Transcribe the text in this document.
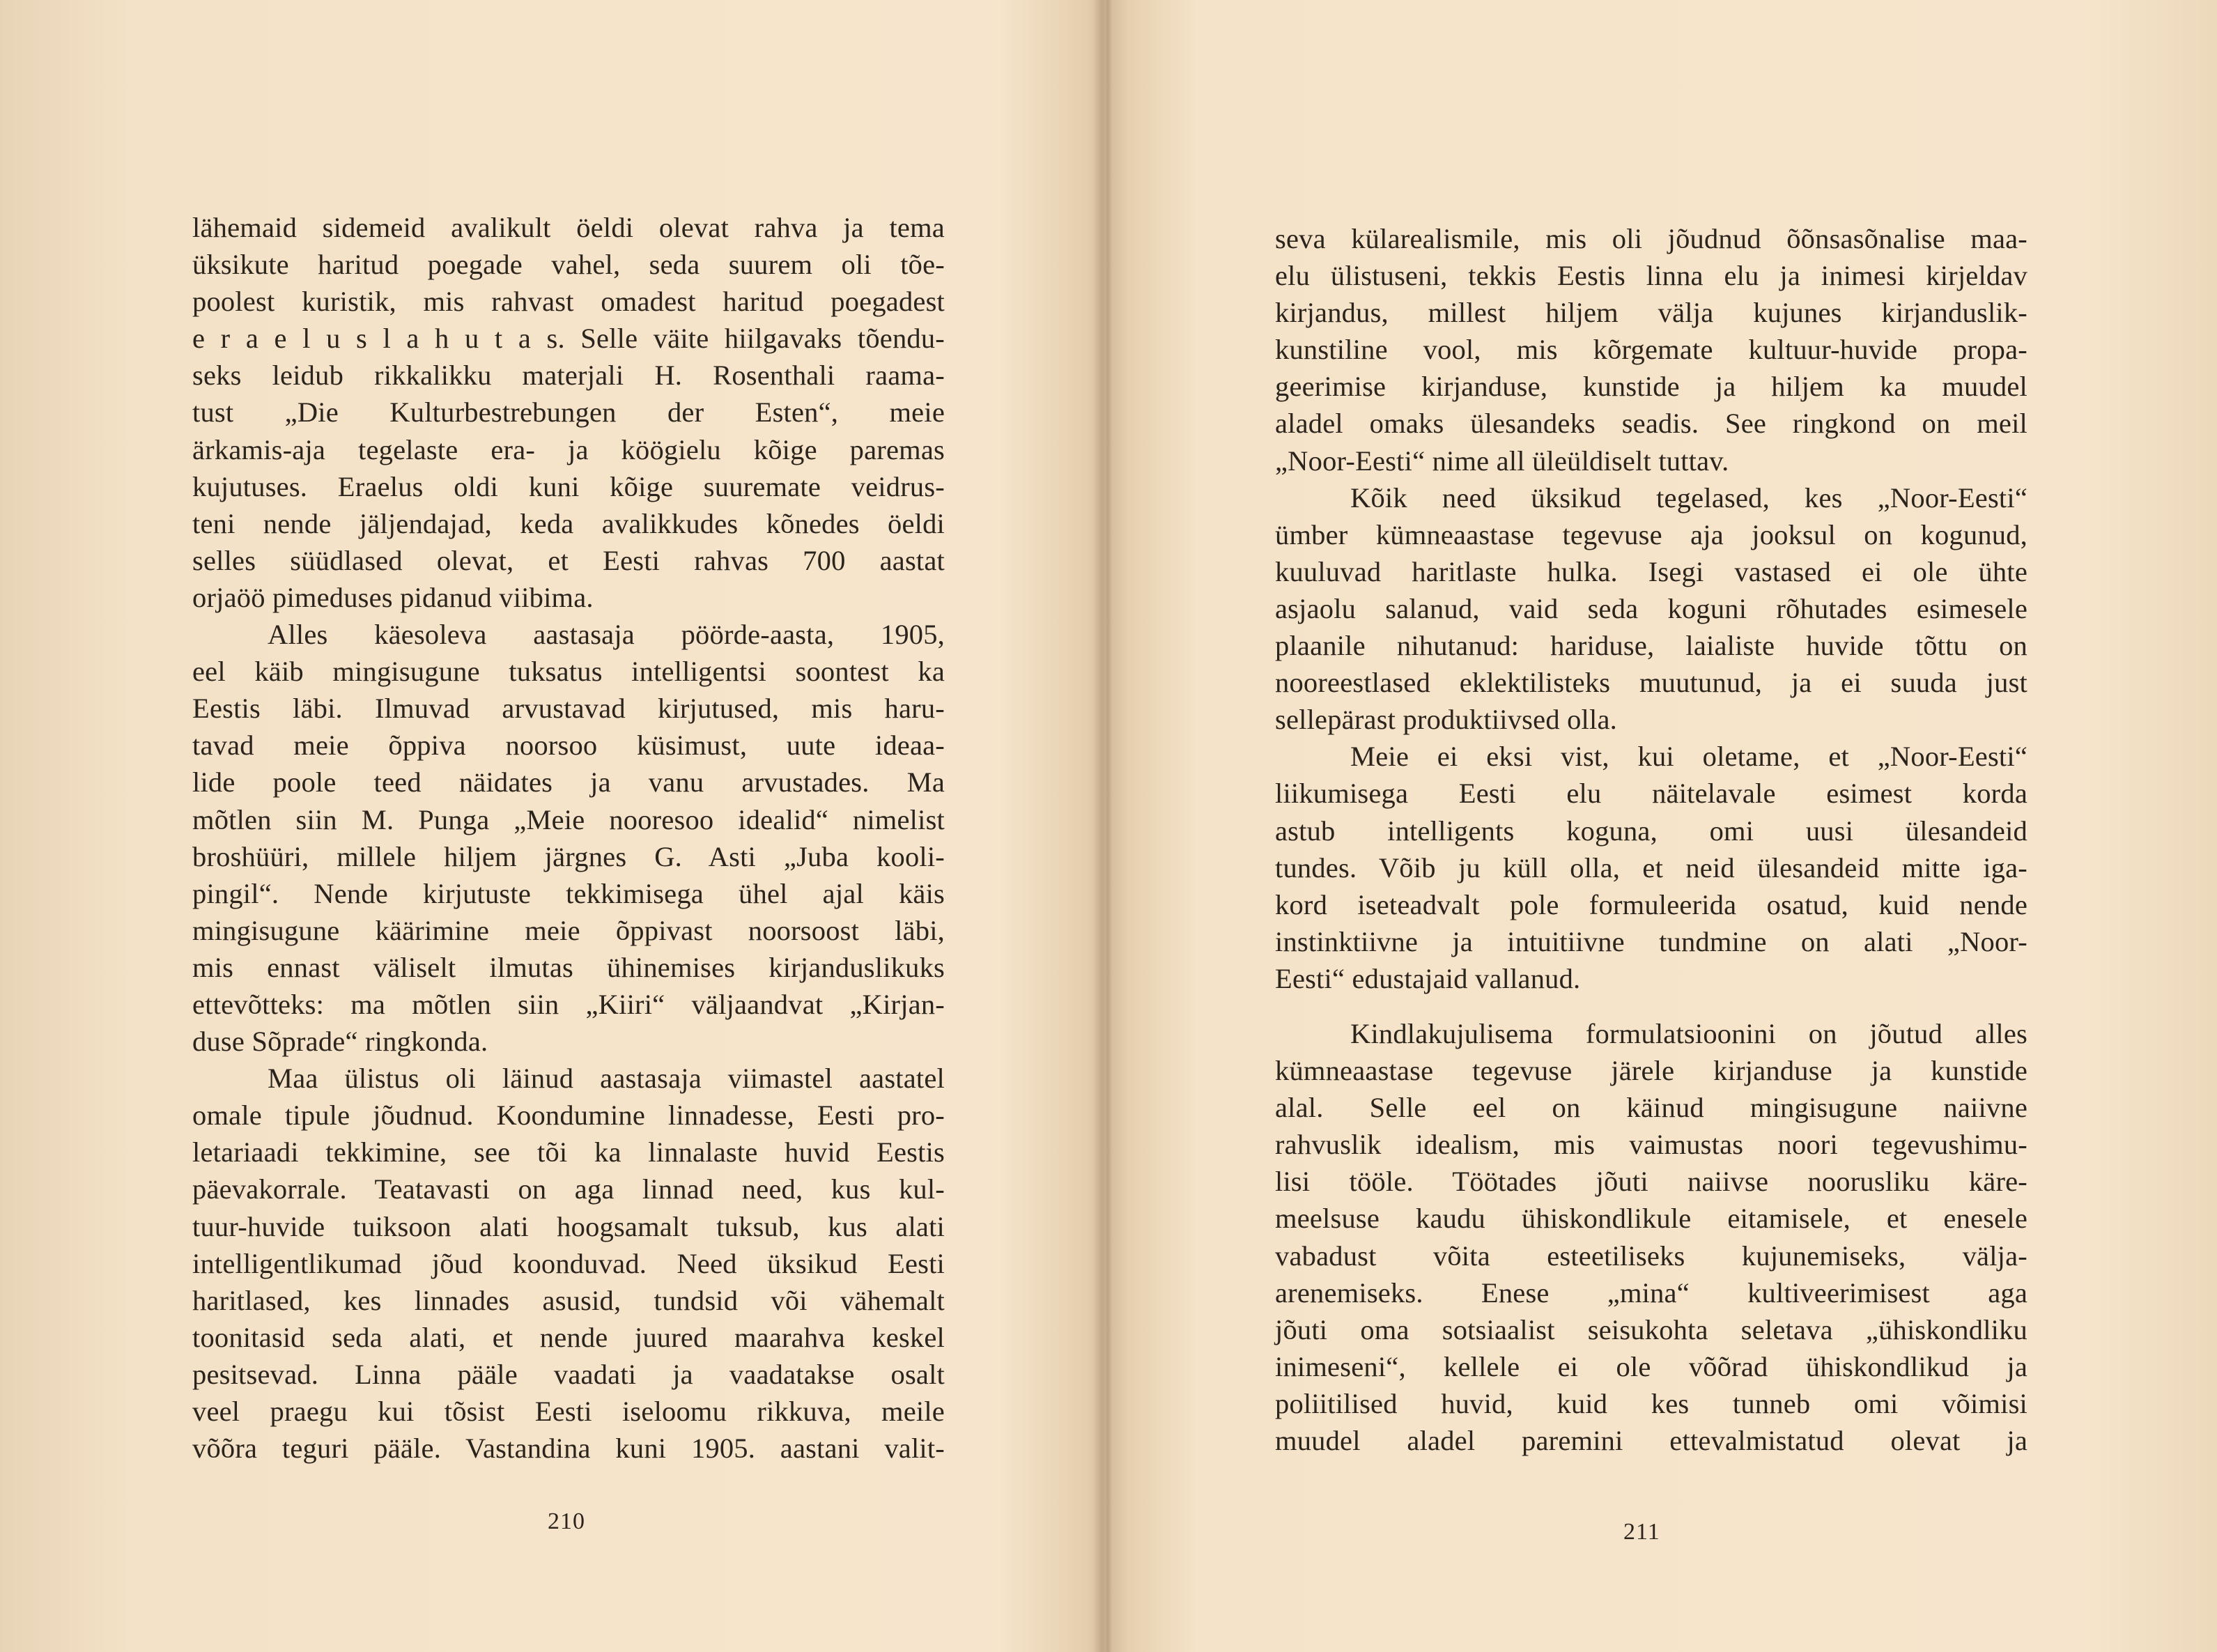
lähemaid sidemeid avalikult öeldi olevat rahva ja tema
üksikute haritud poegade vahel, seda suurem oli tõe-
poolest kuristik, mis rahvast omadest haritud poegadest
e r a e l u s l a h u t a s. Selle väite hiilgavaks tõendu-
seks leidub rikkalikku materjali H. Rosenthali raama-
tust „Die Kulturbestrebungen der Esten“, meie
ärkamis-aja tegelaste era- ja köögielu kõige paremas
kujutuses. Eraelus oldi kuni kõige suuremate veidrus-
teni nende jäljendajad, keda avalikkudes kõnedes öeldi
selles süüdlased olevat, et Eesti rahvas 700 aastat
orjaöö pimeduses pidanud viibima.
Alles käesoleva aastasaja pöörde-aasta, 1905,
eel käib mingisugune tuksatus intelligentsi soontest ka
Eestis läbi. Ilmuvad arvustavad kirjutused, mis haru-
tavad meie õppiva noorsoo küsimust, uute ideaa-
lide poole teed näidates ja vanu arvustades. Ma
mõtlen siin M. Punga „Meie nooresoo idealid“ nimelist
broshüüri, millele hiljem järgnes G. Asti „Juba kooli-
pingil“. Nende kirjutuste tekkimisega ühel ajal käis
mingisugune käärimine meie õppivast noorsoost läbi,
mis ennast väliselt ilmutas ühinemises kirjanduslikuks
ettevõtteks: ma mõtlen siin „Kiiri“ väljaandvat „Kirjan-
duse Sõprade“ ringkonda.
Maa ülistus oli läinud aastasaja viimastel aastatel
omale tipule jõudnud. Koondumine linnadesse, Eesti pro-
letariaadi tekkimine, see tõi ka linnalaste huvid Eestis
päevakorrale. Teatavasti on aga linnad need, kus kul-
tuur-huvide tuiksoon alati hoogsamalt tuksub, kus alati
intelligentlikumad jõud koonduvad. Need üksikud Eesti
haritlased, kes linnades asusid, tundsid või vähemalt
toonitasid seda alati, et nende juured maarahva keskel
pesitsevad. Linna pääle vaadati ja vaadatakse osalt
veel praegu kui tõsist Eesti iseloomu rikkuva, meile
võõra teguri pääle. Vastandina kuni 1905. aastani valit-
210
seva külarealismile, mis oli jõudnud õõnsasõnalise maa-
elu ülistuseni, tekkis Eestis linna elu ja inimesi kirjeldav
kirjandus, millest hiljem välja kujunes kirjanduslik-
kunstiline vool, mis kõrgemate kultuur-huvide propa-
geerimise kirjanduse, kunstide ja hiljem ka muudel
aladel omaks ülesandeks seadis. See ringkond on meil
„Noor-Eesti“ nime all üleüldiselt tuttav.
Kõik need üksikud tegelased, kes „Noor-Eesti“
ümber kümneaastase tegevuse aja jooksul on kogunud,
kuuluvad haritlaste hulka. Isegi vastased ei ole ühte
asjaolu salanud, vaid seda koguni rõhutades esimesele
plaanile nihutanud: hariduse, laialiste huvide tõttu on
nooreestlased eklektilisteks muutunud, ja ei suuda just
sellepärast produktiivsed olla.
Meie ei eksi vist, kui oletame, et „Noor-Eesti“
liikumisega Eesti elu näitelavale esimest korda
astub intelligents koguna, omi uusi ülesandeid
tundes. Võib ju küll olla, et neid ülesandeid mitte iga-
kord iseteadvalt pole formuleerida osatud, kuid nende
instinktiivne ja intuitiivne tundmine on alati „Noor-
Eesti“ edustajaid vallanud.
Kindlakujulisema formulatsioonini on jõutud alles
kümneaastase tegevuse järele kirjanduse ja kunstide
alal. Selle eel on käinud mingisugune naiivne
rahvuslik idealism, mis vaimustas noori tegevushimu-
lisi tööle. Töötades jõuti naiivse noorusliku käre-
meelsuse kaudu ühiskondlikule eitamisele, et enesele
vabadust võita esteetiliseks kujunemiseks, välja-
arenemiseks. Enese „mina“ kultiveerimisest aga
jõuti oma sotsiaalist seisukohta seletava „ühiskondliku
inimeseni“, kellele ei ole võõrad ühiskondlikud ja
poliitilised huvid, kuid kes tunneb omi võimisi
muudel aladel paremini ettevalmistatud olevat ja
211
